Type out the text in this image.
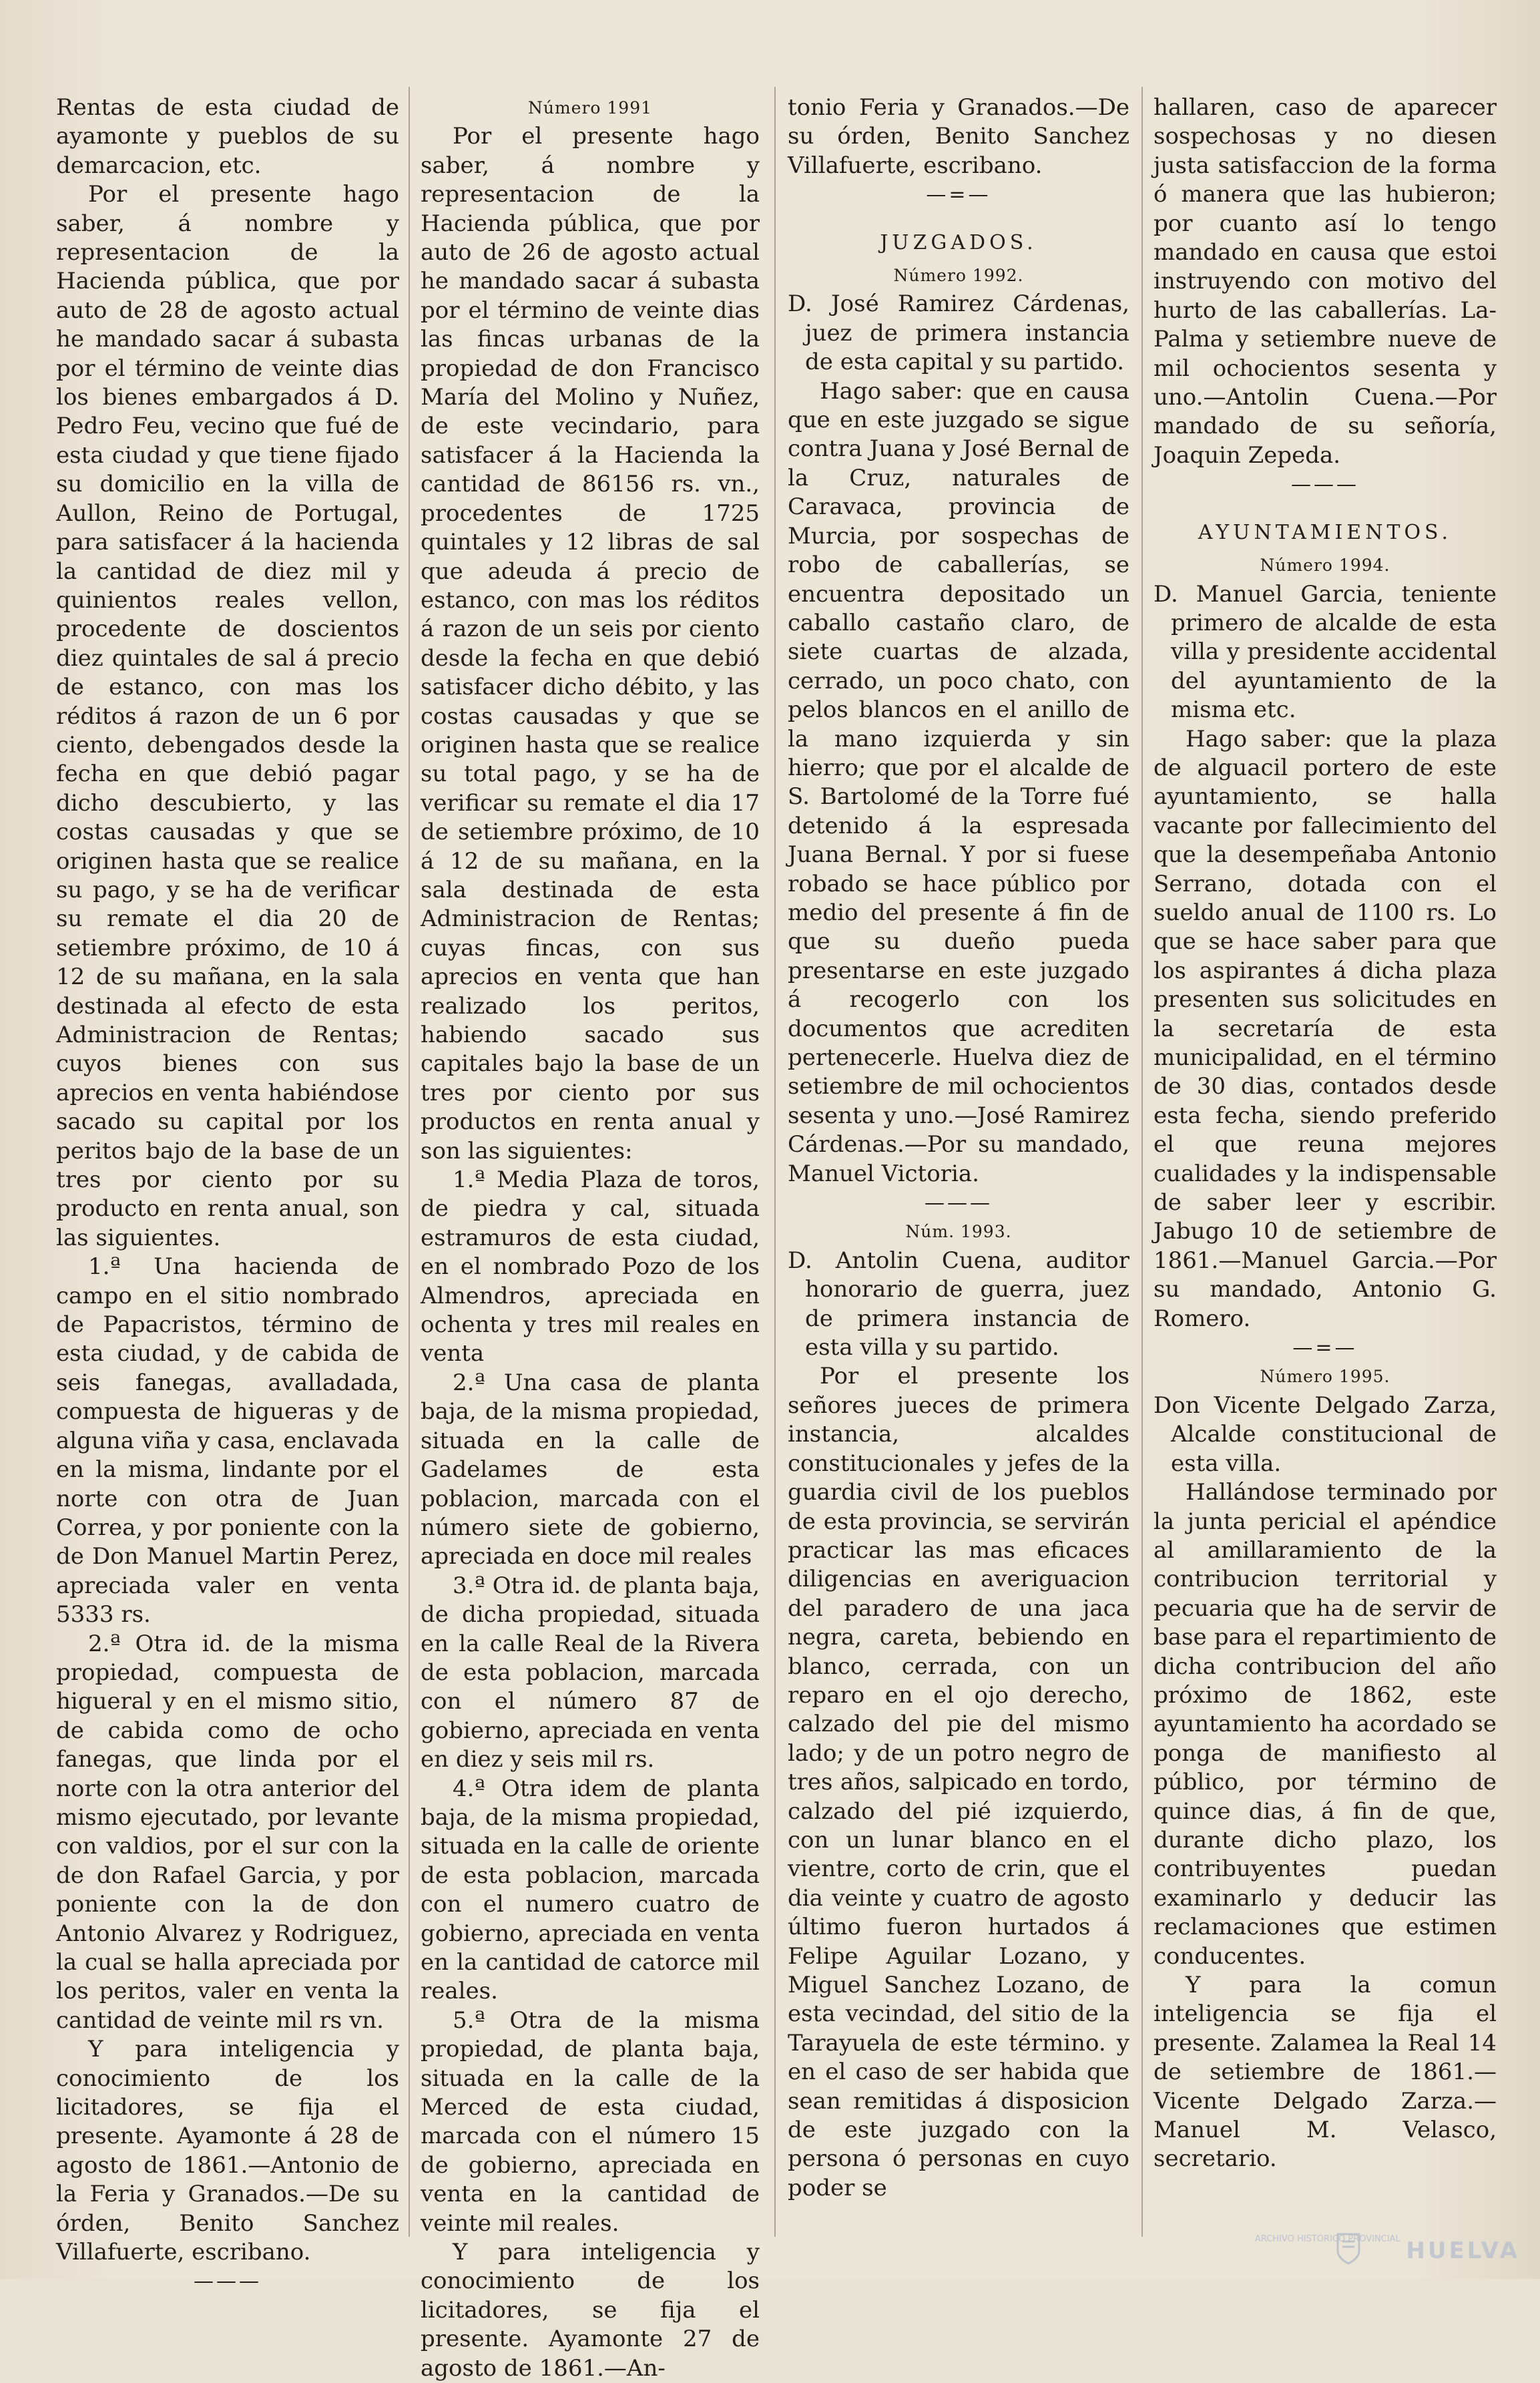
Rentas de esta ciudad de ayamonte y pueblos de su demarcacion, etc.

Por el presente hago saber, á nombre y representacion de la Hacienda pública, que por auto de 28 de agosto actual he mandado sacar á subasta por el término de veinte dias los bienes embargados á D. Pedro Feu, vecino que fué de esta ciudad y que tiene fijado su domicilio en la villa de Aullon, Reino de Portugal, para satisfacer á la hacienda la cantidad de diez mil y quinientos reales vellon, procedente de doscientos diez quintales de sal á precio de estanco, con mas los réditos á razon de un 6 por ciento, debengados desde la fecha en que debió pagar dicho descubierto, y las costas causadas y que se originen hasta que se realice su pago, y se ha de verificar su remate el dia 20 de setiembre próximo, de 10 á 12 de su mañana, en la sala destinada al efecto de esta Administracion de Rentas; cuyos bienes con sus aprecios en venta habiéndose sacado su capital por los peritos bajo de la base de un tres por ciento por su producto en renta anual, son las siguientes.

1.ª Una hacienda de campo en el sitio nombrado de Papacristos, término de esta ciudad, y de cabida de seis fanegas, avalladada, compuesta de higueras y de alguna viña y casa, enclavada en la misma, lindante por el norte con otra de Juan Correa, y por poniente con la de Don Manuel Martin Perez, apreciada valer en venta 5333 rs.

2.ª Otra id. de la misma propiedad, compuesta de higueral y en el mismo sitio, de cabida como de ocho fanegas, que linda por el norte con la otra anterior del mismo ejecutado, por levante con valdios, por el sur con la de don Rafael Garcia, y por poniente con la de don Antonio Alvarez y Rodriguez, la cual se halla apreciada por los peritos, valer en venta la cantidad de veinte mil rs vn.

Y para inteligencia y conocimiento de los licitadores, se fija el presente. Ayamonte á 28 de agosto de 1861.—Antonio de la Feria y Granados.—De su órden, Benito Sanchez Villafuerte, escribano.

———

Número 1991

Por el presente hago saber, á nombre y representacion de la Hacienda pública, que por auto de 26 de agosto actual he mandado sacar á subasta por el término de veinte dias las fincas urbanas de la propiedad de don Francisco María del Molino y Nuñez, de este vecindario, para satisfacer á la Hacienda la cantidad de 86156 rs. vn., procedentes de 1725 quintales y 12 libras de sal que adeuda á precio de estanco, con mas los réditos á razon de un seis por ciento desde la fecha en que debió satisfacer dicho débito, y las costas causadas y que se originen hasta que se realice su total pago, y se ha de verificar su remate el dia 17 de setiembre próximo, de 10 á 12 de su mañana, en la sala destinada de esta Administracion de Rentas; cuyas fincas, con sus aprecios en venta que han realizado los peritos, habiendo sacado sus capitales bajo la base de un tres por ciento por sus productos en renta anual y son las siguientes:

1.ª Media Plaza de toros, de piedra y cal, situada estramuros de esta ciudad, en el nombrado Pozo de los Almendros, apreciada en ochenta y tres mil reales en venta

2.ª Una casa de planta baja, de la misma propiedad, situada en la calle de Gadelames de esta poblacion, marcada con el número siete de gobierno, apreciada en doce mil reales

3.ª Otra id. de planta baja, de dicha propiedad, situada en la calle Real de la Rivera de esta poblacion, marcada con el número 87 de gobierno, apreciada en venta en diez y seis mil rs.

4.ª Otra idem de planta baja, de la misma propiedad, situada en la calle de oriente de esta poblacion, marcada con el numero cuatro de gobierno, apreciada en venta en la cantidad de catorce mil reales.

5.ª Otra de la misma propiedad, de planta baja, situada en la calle de la Merced de esta ciudad, marcada con el número 15 de gobierno, apreciada en venta en la cantidad de veinte mil reales.

Y para inteligencia y conocimiento de los licitadores, se fija el presente. Ayamonte 27 de agosto de 1861.—An-

tonio Feria y Granados.—De su órden, Benito Sanchez Villafuerte, escribano.

—=—

JUZGADOS.

Número 1992.

D. José Ramirez Cárdenas, juez de primera instancia de esta capital y su partido.

Hago saber: que en causa que en este juzgado se sigue contra Juana y José Bernal de la Cruz, naturales de Caravaca, provincia de Murcia, por sospechas de robo de caballerías, se encuentra depositado un caballo castaño claro, de siete cuartas de alzada, cerrado, un poco chato, con pelos blancos en el anillo de la mano izquierda y sin hierro; que por el alcalde de S. Bartolomé de la Torre fué detenido á la espresada Juana Bernal. Y por si fuese robado se hace público por medio del presente á fin de que su dueño pueda presentarse en este juzgado á recogerlo con los documentos que acrediten pertenecerle. Huelva diez de setiembre de mil ochocientos sesenta y uno.—José Ramirez Cárdenas.—Por su mandado, Manuel Victoria.

———

Núm. 1993.

D. Antolin Cuena, auditor honorario de guerra, juez de primera instancia de esta villa y su partido.

Por el presente los señores jueces de primera instancia, alcaldes constitucionales y jefes de la guardia civil de los pueblos de esta provincia, se servirán practicar las mas eficaces diligencias en averiguacion del paradero de una jaca negra, careta, bebiendo en blanco, cerrada, con un reparo en el ojo derecho, calzado del pie del mismo lado; y de un potro negro de tres años, salpicado en tordo, calzado del pié izquierdo, con un lunar blanco en el vientre, corto de crin, que el dia veinte y cuatro de agosto último fueron hurtados á Felipe Aguilar Lozano, y Miguel Sanchez Lozano, de esta vecindad, del sitio de la Tarayuela de este término. y en el caso de ser habida que sean remitidas á disposicion de este juzgado con la persona ó personas en cuyo poder se

hallaren, caso de aparecer sospechosas y no diesen justa satisfaccion de la forma ó manera que las hubieron; por cuanto así lo tengo mandado en causa que estoi instruyendo con motivo del hurto de las caballerías. La-Palma y setiembre nueve de mil ochocientos sesenta y uno.—Antolin Cuena.—Por mandado de su señoría, Joaquin Zepeda.

———

AYUNTAMIENTOS.

Número 1994.

D. Manuel Garcia, teniente primero de alcalde de esta villa y presidente accidental del ayuntamiento de la misma etc.

Hago saber: que la plaza de alguacil portero de este ayuntamiento, se halla vacante por fallecimiento del que la desempeñaba Antonio Serrano, dotada con el sueldo anual de 1100 rs. Lo que se hace saber para que los aspirantes á dicha plaza presenten sus solicitudes en la secretaría de esta municipalidad, en el término de 30 dias, contados desde esta fecha, siendo preferido el que reuna mejores cualidades y la indispensable de saber leer y escribir. Jabugo 10 de setiembre de 1861.—Manuel Garcia.—Por su mandado, Antonio G. Romero.

—=—

Número 1995.

Don Vicente Delgado Zarza, Alcalde constitucional de esta villa.

Hallándose terminado por la junta pericial el apéndice al amillaramiento de la contribucion territorial y pecuaria que ha de servir de base para el repartimiento de dicha contribucion del año próximo de 1862, este ayuntamiento ha acordado se ponga de manifiesto al público, por término de quince dias, á fin de que, durante dicho plazo, los contribuyentes puedan examinarlo y deducir las reclamaciones que estimen conducentes.

Y para la comun inteligencia se fija el presente. Zalamea la Real 14 de setiembre de 1861.—Vicente Delgado Zarza.—Manuel M. Velasco, secretario.

ARCHIVO HISTÓRICO PROVINCIAL HUELVA
